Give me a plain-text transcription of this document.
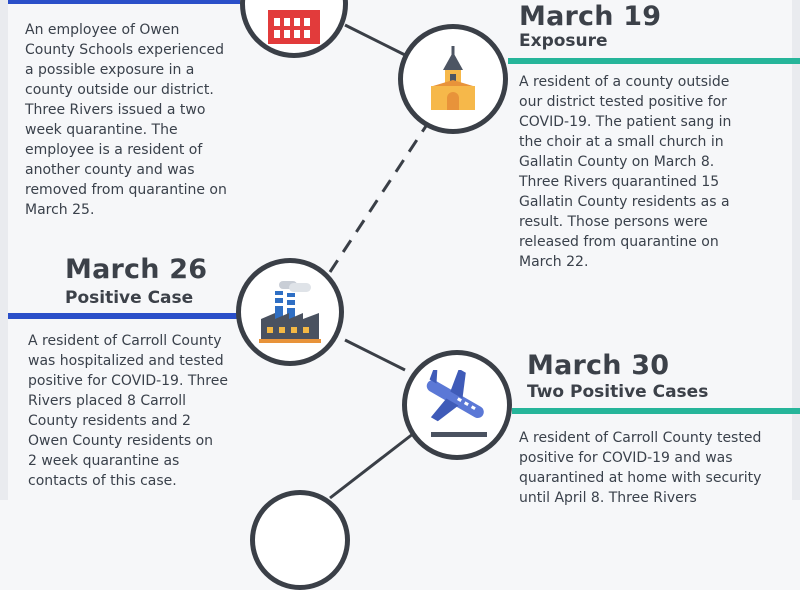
An employee of Owen
County Schools experienced
a possible exposure in a
county outside our district.
Three Rivers issued a two
week quarantine. The
employee is a resident of
another county and was
removed from quarantine on
March 25.
March 19
Exposure
A resident of a county outside
our district tested positive for
COVID-19. The patient sang in
the choir at a small church in
Gallatin County on March 8.
Three Rivers quarantined 15
Gallatin County residents as a
result. Those persons were
released from quarantine on
March 22.
March 26
Positive Case
A resident of Carroll County
was hospitalized and tested
positive for COVID-19. Three
Rivers placed 8 Carroll
County residents and 2
Owen County residents on
2 week quarantine as
contacts of this case.
March 30
Two Positive Cases
A resident of Carroll County tested
positive for COVID-19 and was
quarantined at home with security
until April 8. Three Rivers
